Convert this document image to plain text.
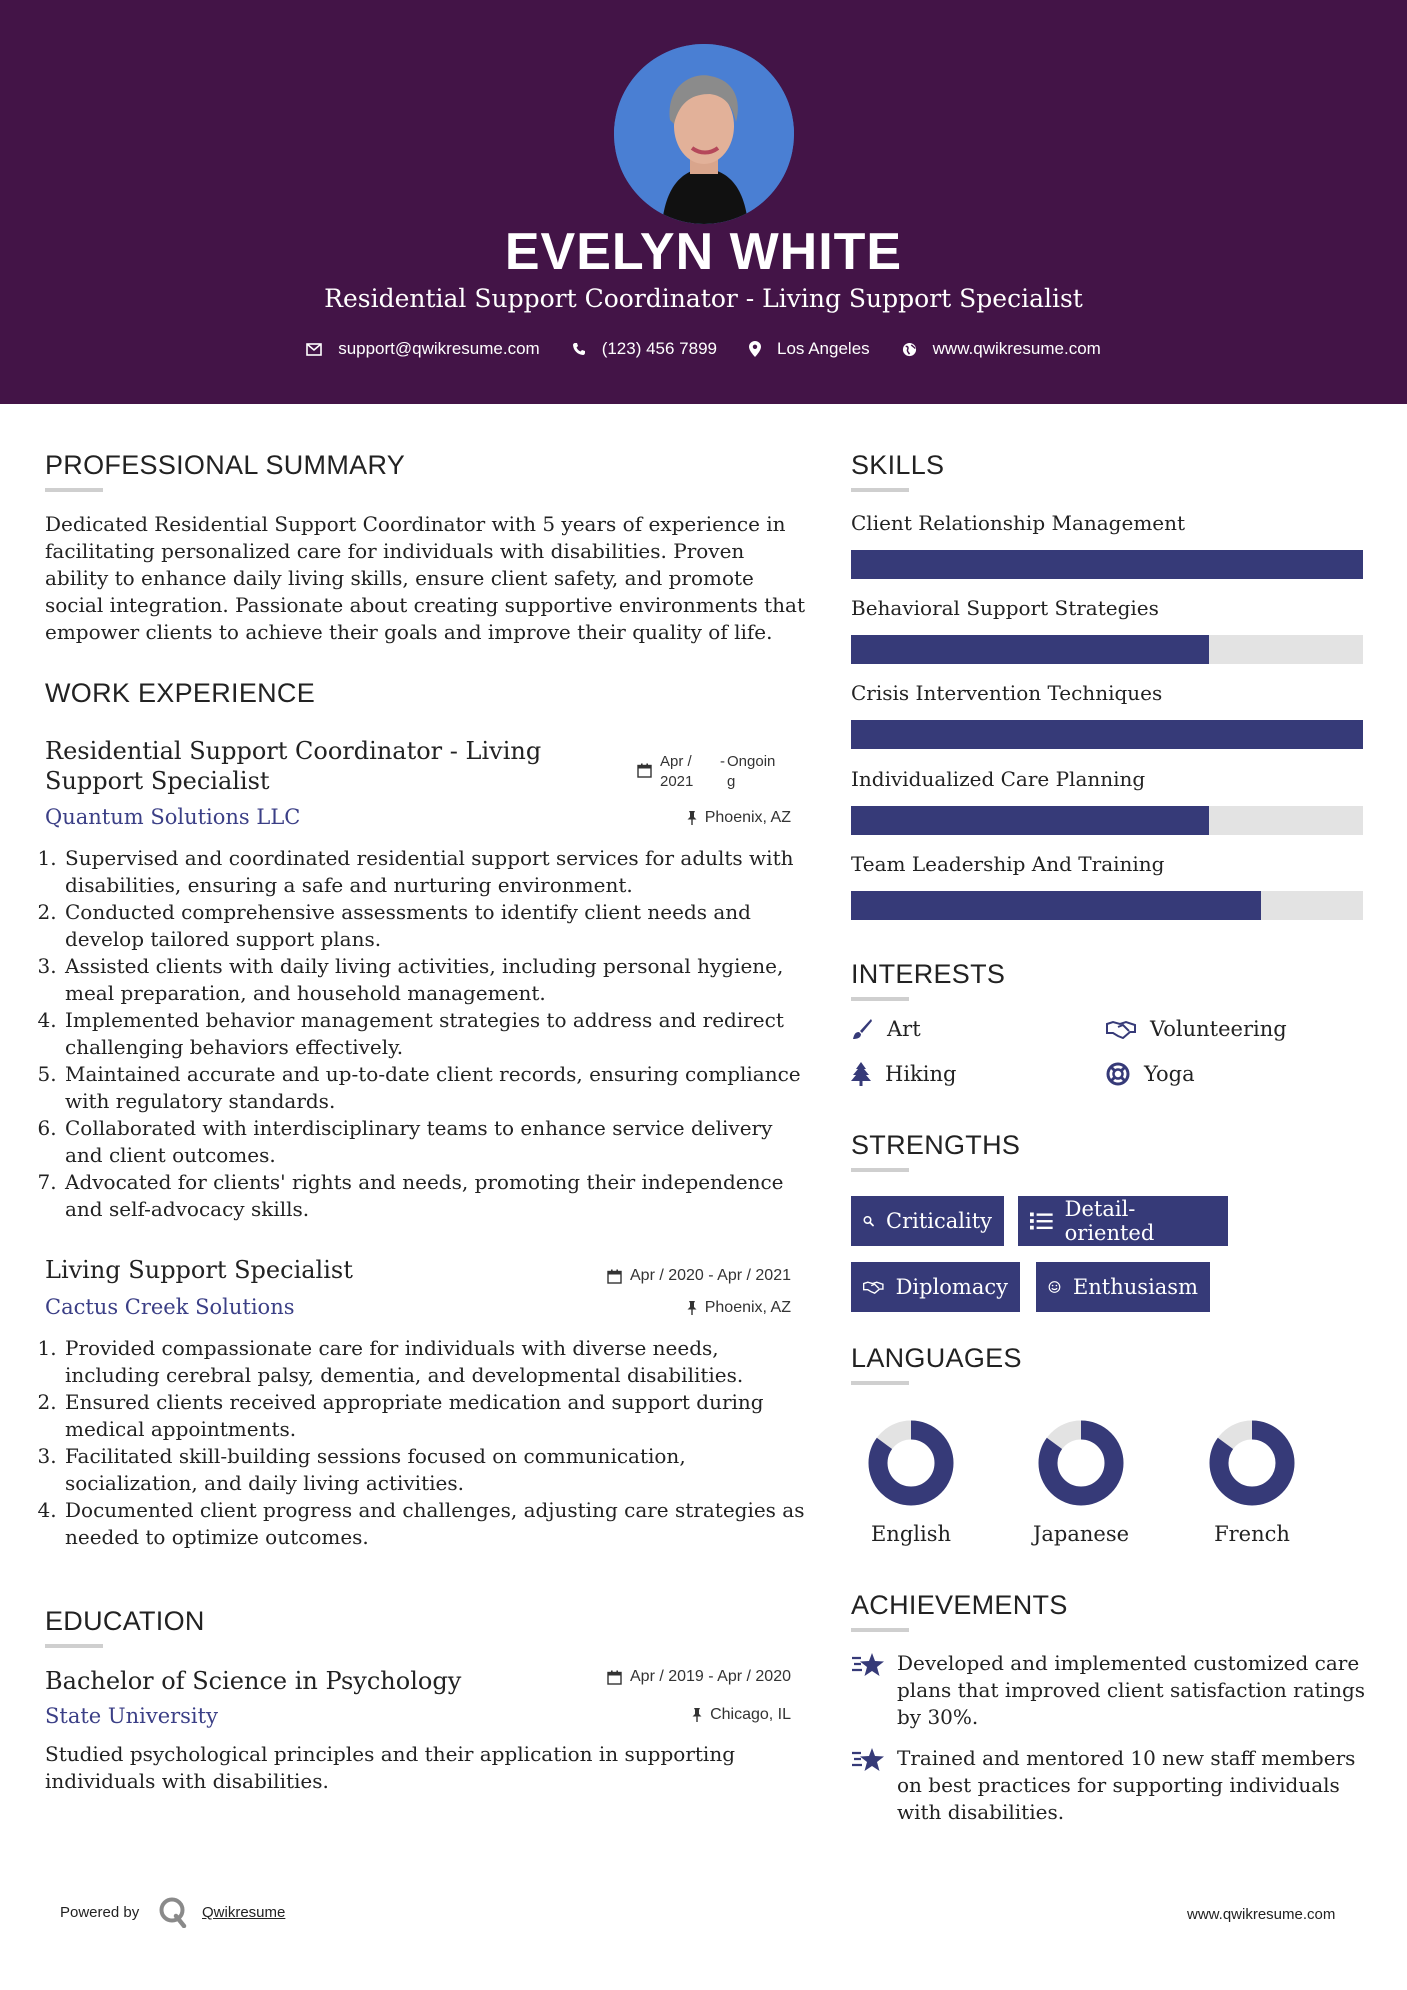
EVELYN WHITE
Residential Support Coordinator - Living Support Specialist
support@qwikresume.com	(123) 456 7899	Los Angeles	www.qwikresume.com
PROFESSIONAL SUMMARY
Dedicated Residential Support Coordinator with 5 years of experience in facilitating personalized care for individuals with disabilities. Proven ability to enhance daily living skills, ensure client safety, and promote social integration. Passionate about creating supportive environments that empower clients to achieve their goals and improve their quality of life.
WORK EXPERIENCE
Residential Support Coordinator - Living Support Specialist
Apr / 2021
- Ongoing
Quantum Solutions LLC	Phoenix, AZ
1. Supervised and coordinated residential support services for adults with disabilities, ensuring a safe and nurturing environment.
2. Conducted comprehensive assessments to identify client needs and develop tailored support plans.
3. Assisted clients with daily living activities, including personal hygiene, meal preparation, and household management.
4. Implemented behavior management strategies to address and redirect challenging behaviors effectively.
5. Maintained accurate and up-to-date client records, ensuring compliance with regulatory standards.
6. Collaborated with interdisciplinary teams to enhance service delivery and client outcomes.
7. Advocated for clients' rights and needs, promoting their independence and self-advocacy skills.
Living Support Specialist	Apr / 2020 - Apr / 2021
Cactus Creek Solutions	Phoenix, AZ
1. Provided compassionate care for individuals with diverse needs, including cerebral palsy, dementia, and developmental disabilities.
2. Ensured clients received appropriate medication and support during medical appointments.
3. Facilitated skill-building sessions focused on communication, socialization, and daily living activities.
4. Documented client progress and challenges, adjusting care strategies as needed to optimize outcomes.
EDUCATION
Bachelor of Science in Psychology	Apr / 2019 - Apr / 2020
State University	Chicago, IL
Studied psychological principles and their application in supporting individuals with disabilities.
SKILLS
Client Relationship Management
Behavioral Support Strategies
Crisis Intervention Techniques
Individualized Care Planning
Team Leadership And Training
INTERESTS
Art	Volunteering
Hiking	Yoga
STRENGTHS
Criticality	Detail-oriented
Diplomacy	Enthusiasm
LANGUAGES
English	Japanese	French
ACHIEVEMENTS
Developed and implemented customized care plans that improved client satisfaction ratings by 30%.
Trained and mentored 10 new staff members on best practices for supporting individuals with disabilities.
Powered by	Qwikresume	www.qwikresume.com
